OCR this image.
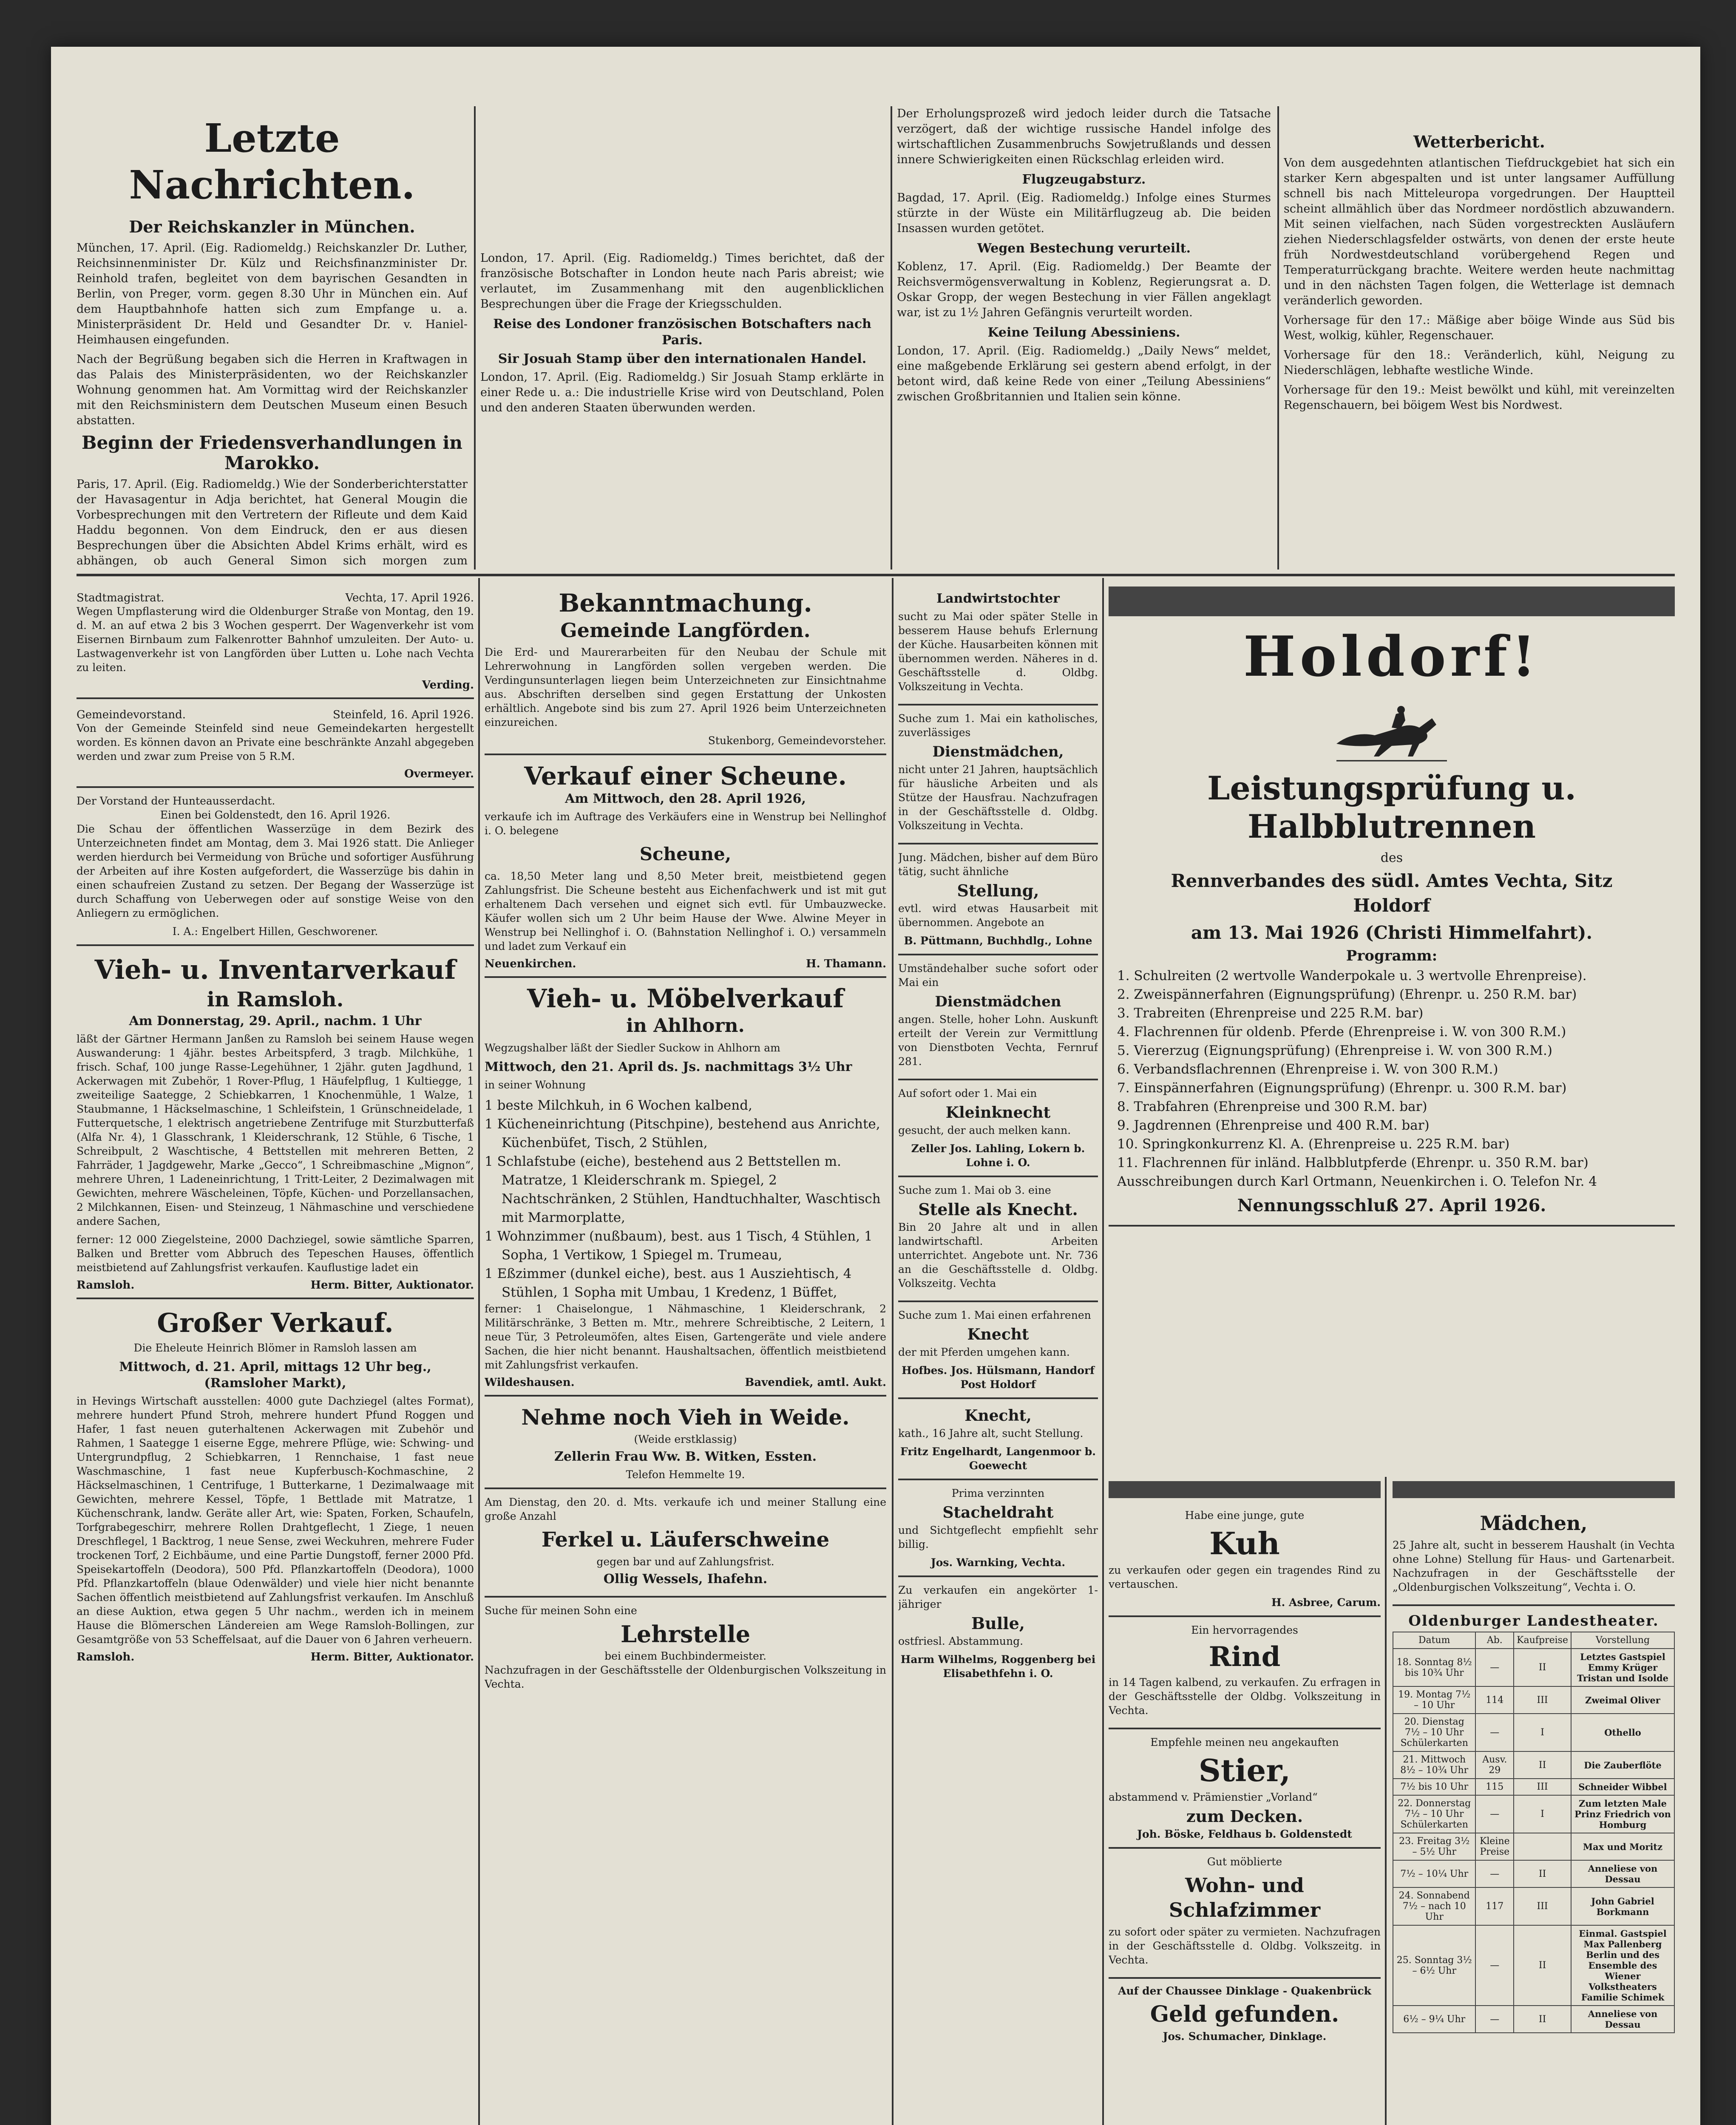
Letzte Nachrichten.
Der Reichskanzler in München.

München, 17. April. (Eig. Radiomeldg.) Reichskanzler Dr. Luther, Reichsinnenminister Dr. Külz und Reichsfinanzminister Dr. Reinhold trafen, begleitet von dem bayrischen Gesandten in Berlin, von Preger, vorm. gegen 8.30 Uhr in München ein. Auf dem Hauptbahnhofe hatten sich zum Empfange u. a. Ministerpräsident Dr. Held und Gesandter Dr. v. Haniel-Heimhausen eingefunden.

Nach der Begrüßung begaben sich die Herren in Kraftwagen in das Palais des Ministerpräsidenten, wo der Reichskanzler Wohnung genommen hat. Am Vormittag wird der Reichskanzler mit den Reichsministern dem Deutschen Museum einen Besuch abstatten.

Beginn der Friedensverhandlungen in Marokko.

Paris, 17. April. (Eig. Radiomeldg.) Wie der Sonderberichterstatter der Havasagentur in Adja berichtet, hat General Mougin die Vorbesprechungen mit den Vertretern der Rifleute und dem Kaid Haddu begonnen. Von dem Eindruck, den er aus diesen Besprechungen über die Absichten Abdel Krims erhält, wird es abhängen, ob auch General Simon sich morgen zum

London, 17. April. (Eig. Radiomeldg.) Times berichtet, daß der französische Botschafter in London heute nach Paris abreist; wie verlautet, im Zusammenhang mit den augenblicklichen Besprechungen über die Frage der Kriegsschulden.

Reise des Londoner französischen Botschafters nach Paris.
Sir Josuah Stamp über den internationalen Handel.

London, 17. April. (Eig. Radiomeldg.) Sir Josuah Stamp erklärte in einer Rede u. a.: Die industrielle Krise wird von Deutschland, Polen und den anderen Staaten überwunden werden.

Der Erholungsprozeß wird jedoch leider durch die Tatsache verzögert, daß der wichtige russische Handel infolge des wirtschaftlichen Zusammenbruchs Sowjetrußlands und dessen innere Schwierigkeiten einen Rückschlag erleiden wird.

Flugzeugabsturz.

Bagdad, 17. April. (Eig. Radiomeldg.) Infolge eines Sturmes stürzte in der Wüste ein Militärflugzeug ab. Die beiden Insassen wurden getötet.

Wegen Bestechung verurteilt.

Koblenz, 17. April. (Eig. Radiomeldg.) Der Beamte der Reichsvermögensverwaltung in Koblenz, Regierungsrat a. D. Oskar Gropp, der wegen Bestechung in vier Fällen angeklagt war, ist zu 1½ Jahren Gefängnis verurteilt worden.

Keine Teilung Abessiniens.

London, 17. April. (Eig. Radiomeldg.) „Daily News“ meldet, eine maßgebende Erklärung sei gestern abend erfolgt, in der betont wird, daß keine Rede von einer „Teilung Abessiniens“ zwischen Großbritannien und Italien sein könne.

Wetterbericht.

Von dem ausgedehnten atlantischen Tiefdruckgebiet hat sich ein starker Kern abgespalten und ist unter langsamer Auffüllung schnell bis nach Mitteleuropa vorgedrungen. Der Hauptteil scheint allmählich über das Nordmeer nordöstlich abzuwandern. Mit seinen vielfachen, nach Süden vorgestreckten Ausläufern ziehen Niederschlagsfelder ostwärts, von denen der erste heute früh Nordwestdeutschland vorübergehend Regen und Temperaturrückgang brachte. Weitere werden heute nachmittag und in den nächsten Tagen folgen, die Wetterlage ist demnach veränderlich geworden.

Vorhersage für den 17.: Mäßige aber böige Winde aus Süd bis West, wolkig, kühler, Regenschauer.

Vorhersage für den 18.: Veränderlich, kühl, Neigung zu Niederschlägen, lebhafte westliche Winde.

Vorhersage für den 19.: Meist bewölkt und kühl, mit vereinzelten Regenschauern, bei böigem West bis Nordwest.

Stadtmagistrat.	Vechta, 17. April 1926.

Wegen Umpflasterung wird die Oldenburger Straße von Montag, den 19. d. M. an auf etwa 2 bis 3 Wochen gesperrt. Der Wagenverkehr ist vom Eisernen Birnbaum zum Falkenrotter Bahnhof umzuleiten. Der Auto- u. Lastwagenverkehr ist von Langförden über Lutten u. Lohe nach Vechta zu leiten.

Verding.
Gemeindevorstand.	Steinfeld, 16. April 1926.

Von der Gemeinde Steinfeld sind neue Gemeindekarten hergestellt worden. Es können davon an Private eine beschränkte Anzahl abgegeben werden und zwar zum Preise von 5 R.M.

Overmeyer.
Der Vorstand der Hunteausserdacht.
Einen bei Goldenstedt, den 16. April 1926.

Die Schau der öffentlichen Wasserzüge in dem Bezirk des Unterzeichneten findet am Montag, dem 3. Mai 1926 statt. Die Anlieger werden hierdurch bei Vermeidung von Brüche und sofortiger Ausführung der Arbeiten auf ihre Kosten aufgefordert, die Wasserzüge bis dahin in einen schaufreien Zustand zu setzen. Der Begang der Wasserzüge ist durch Schaffung von Ueberwegen oder auf sonstige Weise von den Anliegern zu ermöglichen.

I. A.: Engelbert Hillen, Geschworener.
Vieh- u. Inventarverkauf
in Ramsloh.
Am Donnerstag, 29. April., nachm. 1 Uhr

läßt der Gärtner Hermann Janßen zu Ramsloh bei seinem Hause wegen Auswanderung: 1 4jähr. bestes Arbeitspferd, 3 tragb. Milchkühe, 1 frisch. Schaf, 100 junge Rasse-Legehühner, 1 2jähr. guten Jagdhund, 1 Ackerwagen mit Zubehör, 1 Rover-Pflug, 1 Häufelpflug, 1 Kultiegge, 1 zweiteilige Saategge, 2 Schiebkarren, 1 Knochenmühle, 1 Walze, 1 Staubmanne, 1 Häckselmaschine, 1 Schleifstein, 1 Grünschneidelade, 1 Futterquetsche, 1 elektrisch angetriebene Zentrifuge mit Sturzbutterfaß (Alfa Nr. 4), 1 Glasschrank, 1 Kleiderschrank, 12 Stühle, 6 Tische, 1 Schreibpult, 2 Waschtische, 4 Bettstellen mit mehreren Betten, 2 Fahrräder, 1 Jagdgewehr, Marke „Gecco“, 1 Schreibmaschine „Mignon“, mehrere Uhren, 1 Ladeneinrichtung, 1 Tritt-Leiter, 2 Dezimalwagen mit Gewichten, mehrere Wäscheleinen, Töpfe, Küchen- und Porzellansachen, 2 Milchkannen, Eisen- und Steinzeug, 1 Nähmaschine und verschiedene andere Sachen,

ferner: 12 000 Ziegelsteine, 2000 Dachziegel, sowie sämtliche Sparren, Balken und Bretter vom Abbruch des Tepeschen Hauses, öffentlich meistbietend auf Zahlungsfrist verkaufen. Kauflustige ladet ein

Ramsloh.	Herm. Bitter, Auktionator.
Großer Verkauf.

Die Eheleute Heinrich Blömer in Ramsloh lassen am

Mittwoch, d. 21. April, mittags 12 Uhr beg., (Ramsloher Markt),

in Hevings Wirtschaft ausstellen: 4000 gute Dachziegel (altes Format), mehrere hundert Pfund Stroh, mehrere hundert Pfund Roggen und Hafer, 1 fast neuen guterhaltenen Ackerwagen mit Zubehör und Rahmen, 1 Saategge 1 eiserne Egge, mehrere Pflüge, wie: Schwing- und Untergrundpflug, 2 Schiebkarren, 1 Rennchaise, 1 fast neue Waschmaschine, 1 fast neue Kupferbusch-Kochmaschine, 2 Häckselmaschinen, 1 Centrifuge, 1 Butterkarne, 1 Dezimalwaage mit Gewichten, mehrere Kessel, Töpfe, 1 Bettlade mit Matratze, 1 Küchenschrank, landw. Geräte aller Art, wie: Spaten, Forken, Schaufeln, Torfgrabegeschirr, mehrere Rollen Drahtgeflecht, 1 Ziege, 1 neuen Dreschflegel, 1 Backtrog, 1 neue Sense, zwei Weckuhren, mehrere Fuder trockenen Torf, 2 Eichbäume, und eine Partie Dungstoff, ferner 2000 Pfd. Speisekartoffeln (Deodora), 500 Pfd. Pflanzkartoffeln (Deodora), 1000 Pfd. Pflanzkartoffeln (blaue Odenwälder) und viele hier nicht benannte Sachen öffentlich meistbietend auf Zahlungsfrist verkaufen. Im Anschluß an diese Auktion, etwa gegen 5 Uhr nachm., werden ich in meinem Hause die Blömerschen Ländereien am Wege Ramsloh-Bollingen, zur Gesamtgröße von 53 Scheffelsaat, auf die Dauer von 6 Jahren verheuern.

Ramsloh.	Herm. Bitter, Auktionator.
Bekanntmachung.
Gemeinde Langförden.

Die Erd- und Maurerarbeiten für den Neubau der Schule mit Lehrerwohnung in Langförden sollen vergeben werden. Die Verdingunsunterlagen liegen beim Unterzeichneten zur Einsichtnahme aus. Abschriften derselben sind gegen Erstattung der Unkosten erhältlich. Angebote sind bis zum 27. April 1926 beim Unterzeichneten einzureichen.

Stukenborg, Gemeindevorsteher.
Verkauf einer Scheune.
Am Mittwoch, den 28. April 1926,

verkaufe ich im Auftrage des Verkäufers eine in Wenstrup bei Nellinghof i. O. belegene

Scheune,

ca. 18,50 Meter lang und 8,50 Meter breit, meistbietend gegen Zahlungsfrist. Die Scheune besteht aus Eichenfachwerk und ist mit gut erhaltenem Dach versehen und eignet sich evtl. für Umbauzwecke. Käufer wollen sich um 2 Uhr beim Hause der Wwe. Alwine Meyer in Wenstrup bei Nellinghof i. O. (Bahnstation Nellinghof i. O.) versammeln und ladet zum Verkauf ein

Neuenkirchen.	H. Thamann.
Vieh- u. Möbelverkauf
in Ahlhorn.

Wegzugshalber läßt der Siedler Suckow in Ahlhorn am

Mittwoch, den 21. April ds. Js. nachmittags 3½ Uhr

in seiner Wohnung

1 beste Milchkuh, in 6 Wochen kalbend,
1 Kücheneinrichtung (Pitschpine), bestehend aus Anrichte, Küchenbüfet, Tisch, 2 Stühlen,
1 Schlafstube (eiche), bestehend aus 2 Bettstellen m. Matratze, 1 Kleiderschrank m. Spiegel, 2 Nachtschränken, 2 Stühlen, Handtuchhalter, Waschtisch mit Marmorplatte,
1 Wohnzimmer (nußbaum), best. aus 1 Tisch, 4 Stühlen, 1 Sopha, 1 Vertikow, 1 Spiegel m. Trumeau,
1 Eßzimmer (dunkel eiche), best. aus 1 Ausziehtisch, 4 Stühlen, 1 Sopha mit Umbau, 1 Kredenz, 1 Büffet,

ferner: 1 Chaiselongue, 1 Nähmaschine, 1 Kleiderschrank, 2 Militärschränke, 3 Betten m. Mtr., mehrere Schreibtische, 2 Leitern, 1 neue Tür, 3 Petroleumöfen, altes Eisen, Gartengeräte und viele andere Sachen, die hier nicht benannt. Haushaltsachen, öffentlich meistbietend mit Zahlungsfrist verkaufen.

Wildeshausen.	Bavendiek, amtl. Aukt.
Nehme noch Vieh in Weide.
(Weide erstklassig)
Zellerin Frau Ww. B. Witken, Essten.
Telefon Hemmelte 19.

Am Dienstag, den 20. d. Mts. verkaufe ich und meiner Stallung eine große Anzahl

Ferkel u. Läuferschweine
gegen bar und auf Zahlungsfrist.
Ollig Wessels, Ihafehn.

Suche für meinen Sohn eine

Lehrstelle
bei einem Buchbindermeister.

Nachzufragen in der Geschäftsstelle der Oldenburgischen Volkszeitung in Vechta.

Landwirtstochter

sucht zu Mai oder später Stelle in besserem Hause behufs Erlernung der Küche. Hausarbeiten können mit übernommen werden. Näheres in d. Geschäftsstelle d. Oldbg. Volkszeitung in Vechta.

Suche zum 1. Mai ein katholisches, zuverlässiges

Dienstmädchen,

nicht unter 21 Jahren, hauptsächlich für häusliche Arbeiten und als Stütze der Hausfrau. Nachzufragen in der Geschäftsstelle d. Oldbg. Volkszeitung in Vechta.

Jung. Mädchen, bisher auf dem Büro tätig, sucht ähnliche

Stellung,

evtl. wird etwas Hausarbeit mit übernommen. Angebote an

B. Püttmann, Buchhdlg., Lohne

Umständehalber suche sofort oder Mai ein

Dienstmädchen

angen. Stelle, hoher Lohn. Auskunft erteilt der Verein zur Vermittlung von Dienstboten Vechta, Fernruf 281.

Auf sofort oder 1. Mai ein

Kleinknecht

gesucht, der auch melken kann.

Zeller Jos. Lahling, Lokern b. Lohne i. O.

Suche zum 1. Mai ob 3. eine

Stelle als Knecht.

Bin 20 Jahre alt und in allen landwirtschaftl. Arbeiten unterrichtet. Angebote unt. Nr. 736 an die Geschäftsstelle d. Oldbg. Volkszeitg. Vechta

Suche zum 1. Mai einen erfahrenen

Knecht

der mit Pferden umgehen kann.

Hofbes. Jos. Hülsmann, Handorf Post Holdorf
Knecht,

kath., 16 Jahre alt, sucht Stellung.

Fritz Engelhardt, Langenmoor b. Goewecht

Prima verzinnten

Stacheldraht

und Sichtgeflecht empfiehlt sehr billig.

Jos. Warnking, Vechta.

Zu verkaufen ein angekörter 1-jähriger

Bulle,

ostfriesl. Abstammung.

Harm Wilhelms, Roggenberg bei Elisabethfehn i. O.
Holdorf!
Leistungsprüfung u. Halbblutrennen
des
Rennverbandes des südl. Amtes Vechta, Sitz Holdorf
am 13. Mai 1926 (Christi Himmelfahrt).
Programm:
1. Schulreiten (2 wertvolle Wanderpokale u. 3 wertvolle Ehrenpreise).
2. Zweispännerfahren (Eignungsprüfung) (Ehrenpr. u. 250 R.M. bar)
3. Trabreiten (Ehrenpreise und 225 R.M. bar)
4. Flachrennen für oldenb. Pferde (Ehrenpreise i. W. von 300 R.M.)
5. Viererzug (Eignungsprüfung) (Ehrenpreise i. W. von 300 R.M.)
6. Verbandsflachrennen (Ehrenpreise i. W. von 300 R.M.)
7. Einspännerfahren (Eignungsprüfung) (Ehrenpr. u. 300 R.M. bar)
8. Trabfahren (Ehrenpreise und 300 R.M. bar)
9. Jagdrennen (Ehrenpreise und 400 R.M. bar)
10. Springkonkurrenz Kl. A. (Ehrenpreise u. 225 R.M. bar)
11. Flachrennen für inländ. Halbblutpferde (Ehrenpr. u. 350 R.M. bar)
Ausschreibungen durch Karl Ortmann, Neuenkirchen i. O. Telefon Nr. 4
Nennungsschluß 27. April 1926.

Habe eine junge, gute

Kuh

zu verkaufen oder gegen ein tragendes Rind zu vertauschen.

H. Asbree, Carum.

Ein hervorragendes

Rind

in 14 Tagen kalbend, zu verkaufen. Zu erfragen in der Geschäftsstelle der Oldbg. Volkszeitung in Vechta.

Empfehle meinen neu angekauften

Stier,

abstammend v. Prämienstier „Vorland“

zum Decken.
Joh. Böske, Feldhaus b. Goldenstedt

Gut möblierte

Wohn- und Schlafzimmer

zu sofort oder später zu vermieten. Nachzufragen in der Geschäftsstelle d. Oldbg. Volkszeitg. in Vechta.

Auf der Chaussee Dinklage - Quakenbrück

Geld gefunden.
Jos. Schumacher, Dinklage.
Mädchen,

25 Jahre alt, sucht in besserem Haushalt (in Vechta ohne Lohne) Stellung für Haus- und Gartenarbeit. Nachzufragen in der Geschäftsstelle der „Oldenburgischen Volkszeitung“, Vechta i. O.

Oldenburger Landestheater.
Datum	Ab.	Kaufpreise	Vorstellung
18. Sonntag 8½ bis 10¾ Uhr	—	II	Letztes Gastspiel Emmy Krüger Tristan und Isolde
19. Montag 7½ – 10 Uhr	114	III	Zweimal Oliver
20. Dienstag 7½ – 10 Uhr Schülerkarten	—	I	Othello
21. Mittwoch 8½ – 10¾ Uhr	Ausv. 29	II	Die Zauberflöte
7½ bis 10 Uhr	115	III	Schneider Wibbel
22. Donnerstag 7½ – 10 Uhr Schülerkarten	—	I	Zum letzten Male Prinz Friedrich von Homburg
23. Freitag 3½ – 5½ Uhr	Kleine Preise		Max und Moritz
7½ – 10¼ Uhr	—	II	Anneliese von Dessau
24. Sonnabend 7½ – nach 10 Uhr	117	III	John Gabriel Borkmann
25. Sonntag 3½ – 6½ Uhr	—	II	Einmal. Gastspiel Max Pallenberg Berlin und des Ensemble des Wiener Volkstheaters Familie Schimek
6½ – 9¼ Uhr	—	II	Anneliese von Dessau
